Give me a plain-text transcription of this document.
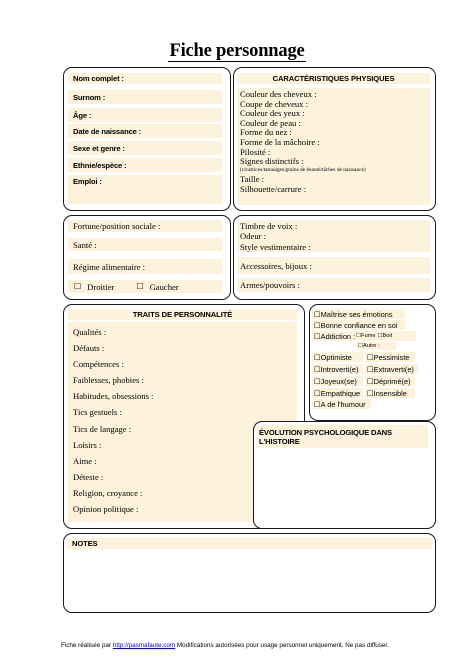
Fiche personnage
Nom complet :
Surnom :
Âge :
Date de naissance :
Sexe et genre :
Ethnie/espèce :
Emploi :
CARACTÉRISTIQUES PHYSIQUES
Couleur des cheveux :
Coupe de cheveux :
Couleur des yeux :
Couleur de peau :
Forme du nez :
Forme de la mâchoire :
Pilosité :
Signes distinctifs :
(cicatrices/tatouages/grains de beauté/tâches de naissance)
Taille :
Silhouette/carrure :
Fortune/position sociale :
Santé :
Régime alimentaire :
☐ Droitier	☐ Gaucher
Timbre de voix :
Odeur :
Style vestimentaire :
Accessoires, bijoux :
Armes/pouvoirs :
TRAITS DE PERSONNALITÉ
Qualités :
Défauts :
Compétences :
Faiblesses, phobies :
Habitudes, obsessions :
Tics gestuels :
Tics de langage :
Loisirs :
Aime :
Déteste :
Religion, croyance :
Opinion politique :
☐ Maîtrise ses émotions
☐ Bonne confiance en soi
☐ Addiction : ☐ Fume ☐ Boit
☐ Autre :
☐ Optimiste ☐ Pessimiste
☐ Introverti(e) ☐ Extraverti(e)
☐ Joyeux(se) ☐ Déprimé(e)
☐ Empathique ☐ Insensible
☐ A de l'humour
ÉVOLUTION PSYCHOLOGIQUE DANS
L'HISTOIRE
NOTES
Fiche réalisée par http://pasmafaute.com Modifications autorisées pour usage personnel uniquement. Ne pas diffuser.
